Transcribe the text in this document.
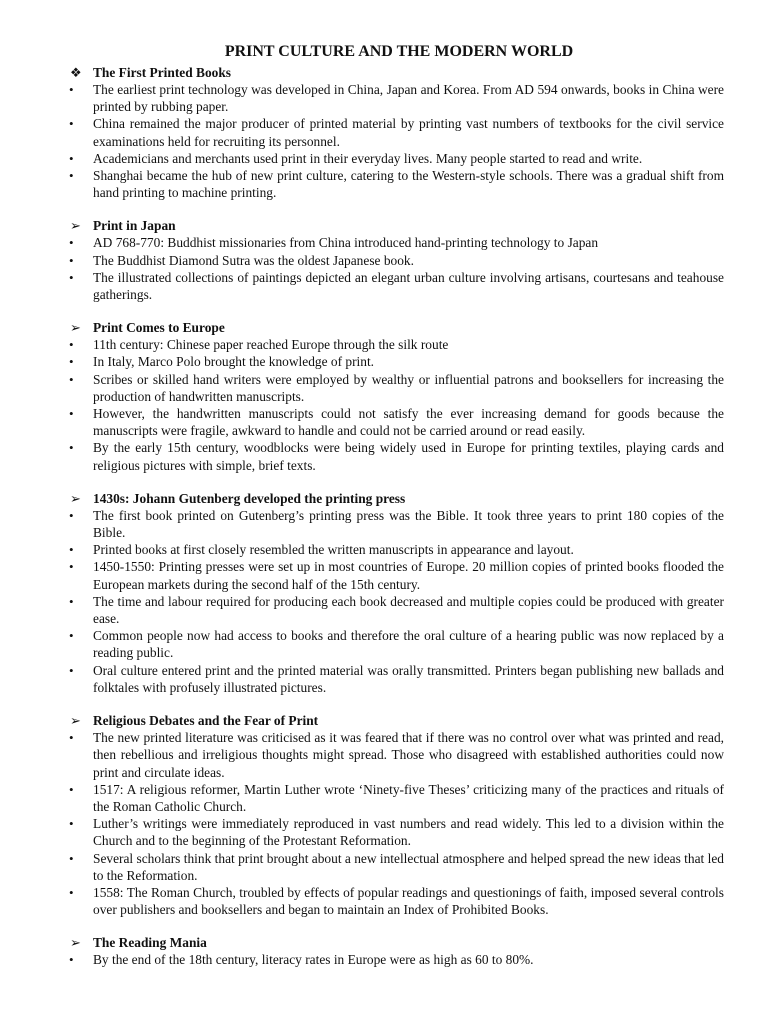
PRINT CULTURE AND THE MODERN WORLD
❖ The First Printed Books
• The earliest print technology was developed in China, Japan and Korea. From AD 594 onwards, books in China were printed by rubbing paper.
• China remained the major producer of printed material by printing vast numbers of textbooks for the civil service examinations held for recruiting its personnel.
• Academicians and merchants used print in their everyday lives. Many people started to read and write.
• Shanghai became the hub of new print culture, catering to the Western-style schools. There was a gradual shift from hand printing to machine printing.
➢ Print in Japan
• AD 768-770: Buddhist missionaries from China introduced hand-printing technology to Japan
• The Buddhist Diamond Sutra was the oldest Japanese book.
• The illustrated collections of paintings depicted an elegant urban culture involving artisans, courtesans and teahouse gatherings.
➢ Print Comes to Europe
• 11th century: Chinese paper reached Europe through the silk route
• In Italy, Marco Polo brought the knowledge of print.
• Scribes or skilled hand writers were employed by wealthy or influential patrons and booksellers for increasing the production of handwritten manuscripts.
• However, the handwritten manuscripts could not satisfy the ever increasing demand for goods because the manuscripts were fragile, awkward to handle and could not be carried around or read easily.
• By the early 15th century, woodblocks were being widely used in Europe for printing textiles, playing cards and religious pictures with simple, brief texts.
➢ 1430s: Johann Gutenberg developed the printing press
• The first book printed on Gutenberg’s printing press was the Bible. It took three years to print 180 copies of the Bible.
• Printed books at first closely resembled the written manuscripts in appearance and layout.
• 1450-1550: Printing presses were set up in most countries of Europe. 20 million copies of printed books flooded the European markets during the second half of the 15th century.
• The time and labour required for producing each book decreased and multiple copies could be produced with greater ease.
• Common people now had access to books and therefore the oral culture of a hearing public was now replaced by a reading public.
• Oral culture entered print and the printed material was orally transmitted. Printers began publishing new ballads and folktales with profusely illustrated pictures.
➢ Religious Debates and the Fear of Print
• The new printed literature was criticised as it was feared that if there was no control over what was printed and read, then rebellious and irreligious thoughts might spread. Those who disagreed with established authorities could now print and circulate ideas.
• 1517: A religious reformer, Martin Luther wrote ‘Ninety-five Theses’ criticizing many of the practices and rituals of the Roman Catholic Church.
• Luther’s writings were immediately reproduced in vast numbers and read widely. This led to a division within the Church and to the beginning of the Protestant Reformation.
• Several scholars think that print brought about a new intellectual atmosphere and helped spread the new ideas that led to the Reformation.
• 1558: The Roman Church, troubled by effects of popular readings and questionings of faith, imposed several controls over publishers and booksellers and began to maintain an Index of Prohibited Books.
➢ The Reading Mania
• By the end of the 18th century, literacy rates in Europe were as high as 60 to 80%.
